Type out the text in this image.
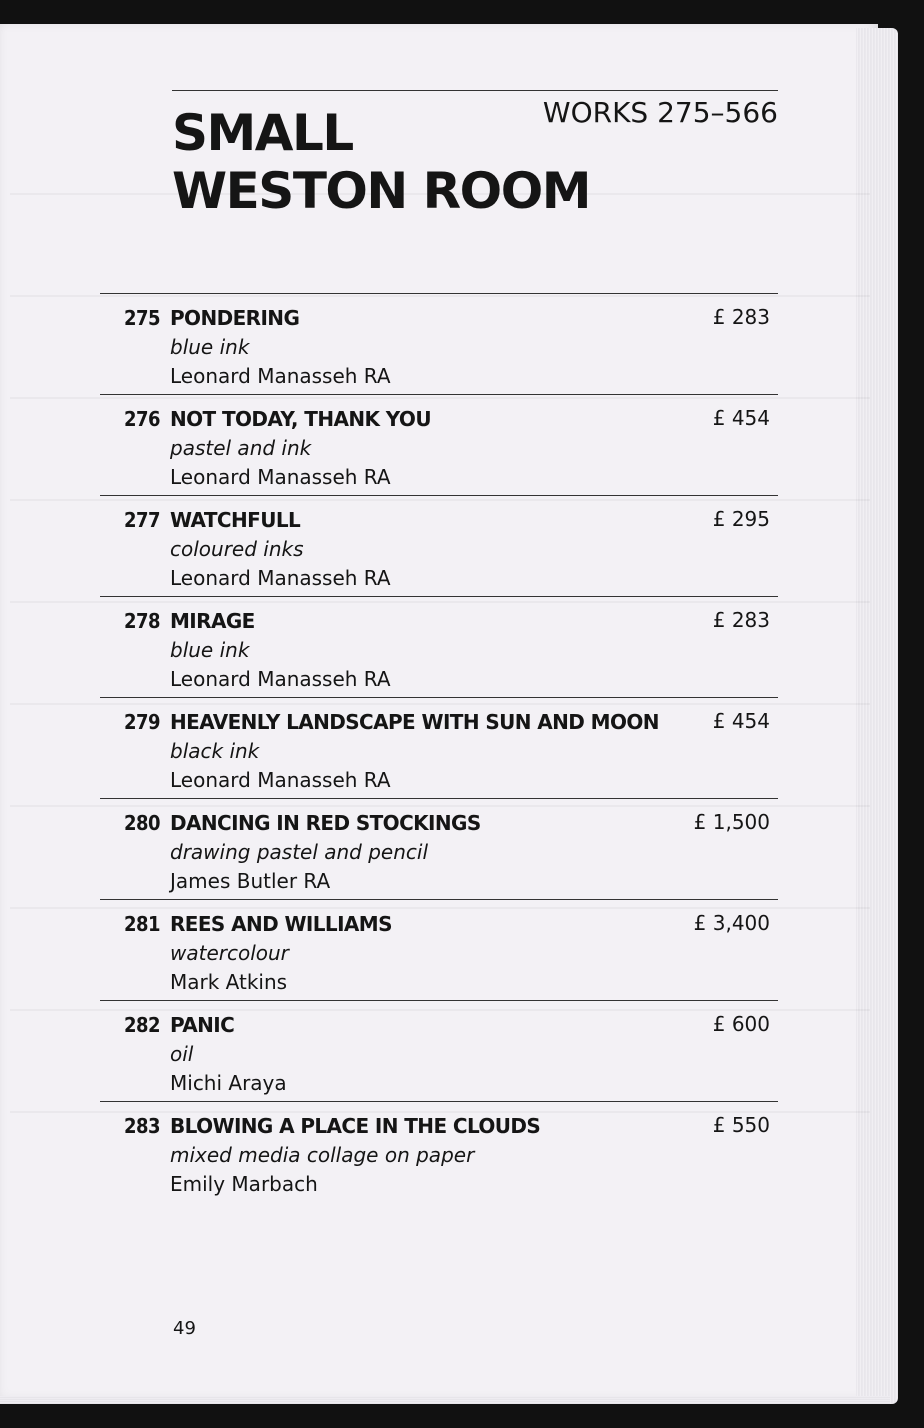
SMALL
WESTON ROOM
WORKS 275–566
275 PONDERING
blue ink
Leonard Manasseh RA
£ 283
276 NOT TODAY, THANK YOU
pastel and ink
Leonard Manasseh RA
£ 454
277 WATCHFULL
coloured inks
Leonard Manasseh RA
£ 295
278 MIRAGE
blue ink
Leonard Manasseh RA
£ 283
279 HEAVENLY LANDSCAPE WITH SUN AND MOON
black ink
Leonard Manasseh RA
£ 454
280 DANCING IN RED STOCKINGS
drawing pastel and pencil
James Butler RA
£ 1,500
281 REES AND WILLIAMS
watercolour
Mark Atkins
£ 3,400
282 PANIC
oil
Michi Araya
£ 600
283 BLOWING A PLACE IN THE CLOUDS
mixed media collage on paper
Emily Marbach
£ 550
49
